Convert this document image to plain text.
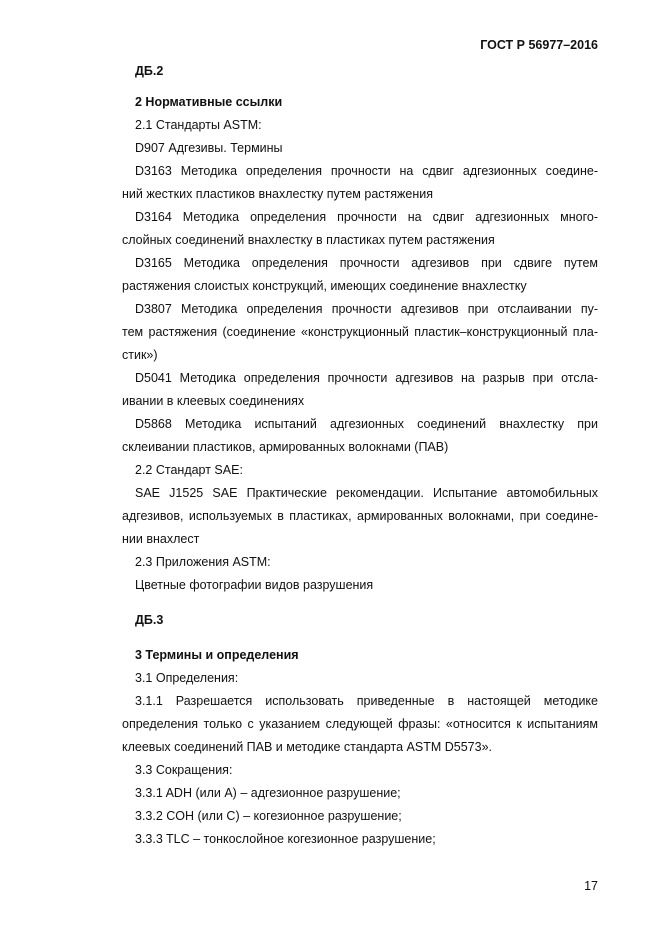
ГОСТ Р 56977–2016
ДБ.2
2 Нормативные ссылки
2.1 Стандарты ASTM:
D907 Адгезивы. Термины
D3163 Методика определения прочности на сдвиг адгезионных соедине-
ний жестких пластиков внахлестку путем растяжения
D3164 Методика определения прочности на сдвиг адгезионных много-
слойных соединений внахлестку в пластиках путем растяжения
D3165 Методика определения прочности адгезивов при сдвиге путем
растяжения слоистых конструкций, имеющих соединение внахлестку
D3807 Методика определения прочности адгезивов при отслаивании пу-
тем растяжения (соединение «конструкционный пластик–конструкционный пла-
стик»)
D5041 Методика определения прочности адгезивов на разрыв при отсла-
ивании в клеевых соединениях
D5868 Методика испытаний адгезионных соединений внахлестку при
склеивании пластиков, армированных волокнами (ПАВ)
2.2 Стандарт SAE:
SAE J1525 SAE Практические рекомендации. Испытание автомобильных
адгезивов, используемых в пластиках, армированных волокнами, при соедине-
нии внахлест
2.3 Приложения ASTM:
Цветные фотографии видов разрушения
ДБ.3
3 Термины и определения
3.1 Определения:
3.1.1 Разрешается использовать приведенные в настоящей методике
определения только с указанием следующей фразы: «относится к испытаниям
клеевых соединений ПАВ и методике стандарта ASTM D5573».
3.3 Сокращения:
3.3.1 ADH (или A) – адгезионное разрушение;
3.3.2 COH (или C) – когезионное разрушение;
3.3.3 TLC – тонкослойное когезионное разрушение;
17
